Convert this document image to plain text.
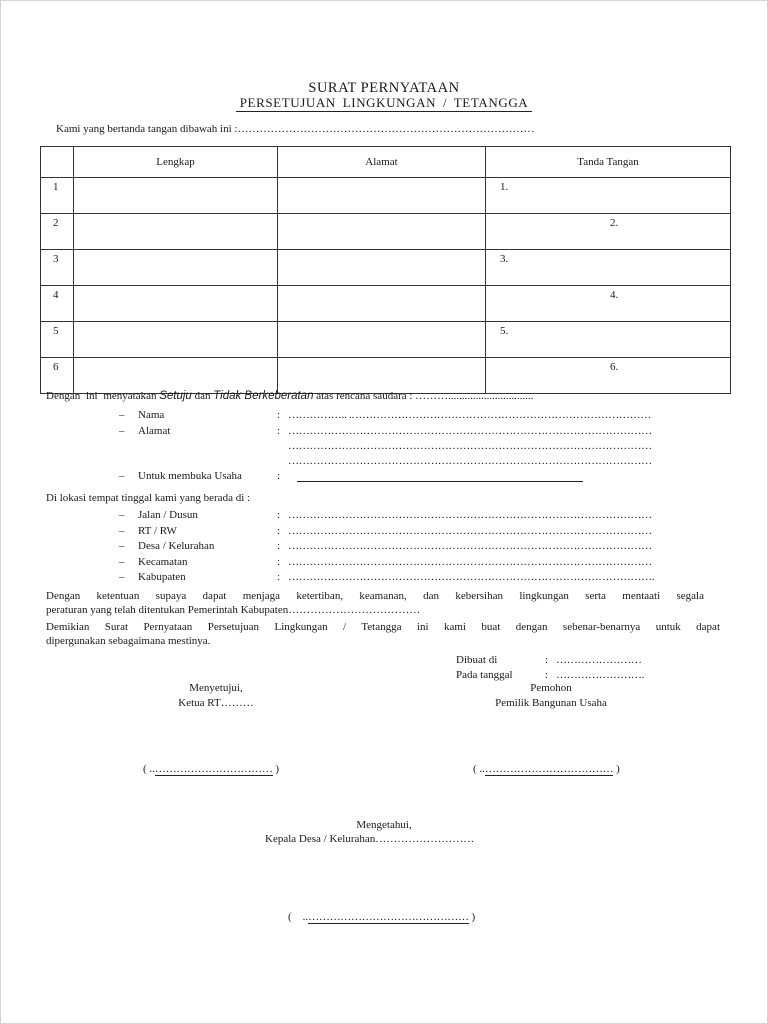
SURAT PERNYATAAN
PERSETUJUAN LINGKUNGAN / TETANGGA
Kami yang bertanda tangan dibawah ini :………………………………………………………………………
	Lengkap	Alamat	Tanda Tangan
1			1.
2			2.
3			3.
4			4.
5			5.
6			6.
Dengan ini menyatakan Setuju dan Tidak Berkeberatan atas rencana saudara : ………...............................
– Nama	: …………….. .…………………………………………………………………………
– Alamat	: …………………………………………………………………………………………
…………………………………………………………………………………………
…………………………………………………………………………………………
– Untuk membuka Usaha	:
Di lokasi tempat tinggal kami yang berada di :
– Jalan / Dusun	: …………………………………………………………………………………………
– RT / RW	: …………………………………………………………………………………………
– Desa / Kelurahan	: …………………………………………………………………………………………
– Kecamatan	: …………………………………………………………………………………………
– Kabupaten	: ………………………………………………………………………………………….
Dengan ketentuan supaya dapat menjaga ketertiban, keamanan, dan kebersihan lingkungan serta mentaati segala
peraturan yang telah ditentukan Pemerintah Kabupaten………………………………
Demikian Surat Pernyataan Persetujuan Lingkungan / Tetangga ini kami buat dengan sebenar-benarnya untuk dapat
dipergunakan sebagaimana mestinya.
Dibuat di	: ……………………
Pada tanggal	: …………………….
Menyetujui,
Ketua RT………
( ..…………………………… )
Pemohon
Pemilik Bangunan Usaha
( ..……………………………… )
Mengetahui,
Kepala Desa / Kelurahan………………………
(    ..……………………………………… )
